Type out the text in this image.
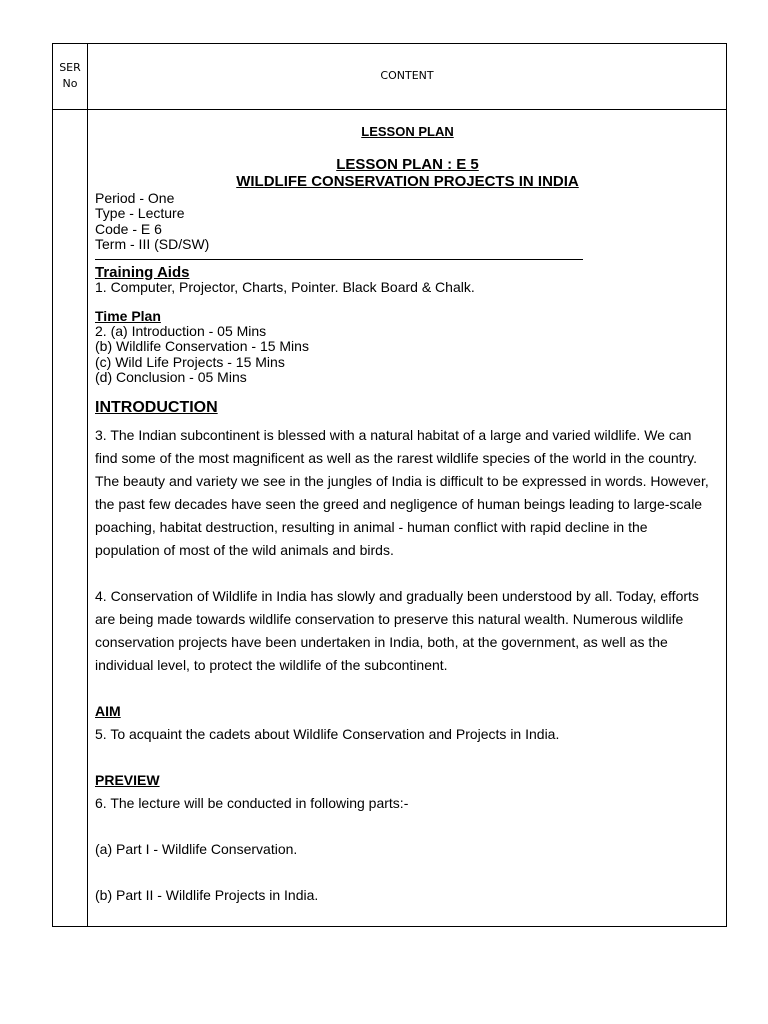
SER
No
CONTENT
LESSON PLAN
LESSON PLAN : E 5
WILDLIFE CONSERVATION PROJECTS IN INDIA
Period - One
Type - Lecture
Code - E 6
Term - III (SD/SW)
Training Aids
1. Computer, Projector, Charts, Pointer. Black Board & Chalk.
Time Plan
2. (a) Introduction - 05 Mins
(b) Wildlife Conservation - 15 Mins
(c) Wild Life Projects - 15 Mins
(d) Conclusion - 05 Mins
INTRODUCTION
3. The Indian subcontinent is blessed with a natural habitat of a large and varied wildlife. We can
find some of the most magnificent as well as the rarest wildlife species of the world in the country.
The beauty and variety we see in the jungles of India is difficult to be expressed in words. However,
the past few decades have seen the greed and negligence of human beings leading to large-scale
poaching, habitat destruction, resulting in animal - human conflict with rapid decline in the
population of most of the wild animals and birds.
4. Conservation of Wildlife in India has slowly and gradually been understood by all. Today, efforts
are being made towards wildlife conservation to preserve this natural wealth. Numerous wildlife
conservation projects have been undertaken in India, both, at the government, as well as the
individual level, to protect the wildlife of the subcontinent.
AIM
5. To acquaint the cadets about Wildlife Conservation and Projects in India.
PREVIEW
6. The lecture will be conducted in following parts:-
(a) Part I - Wildlife Conservation.
(b) Part II - Wildlife Projects in India.
